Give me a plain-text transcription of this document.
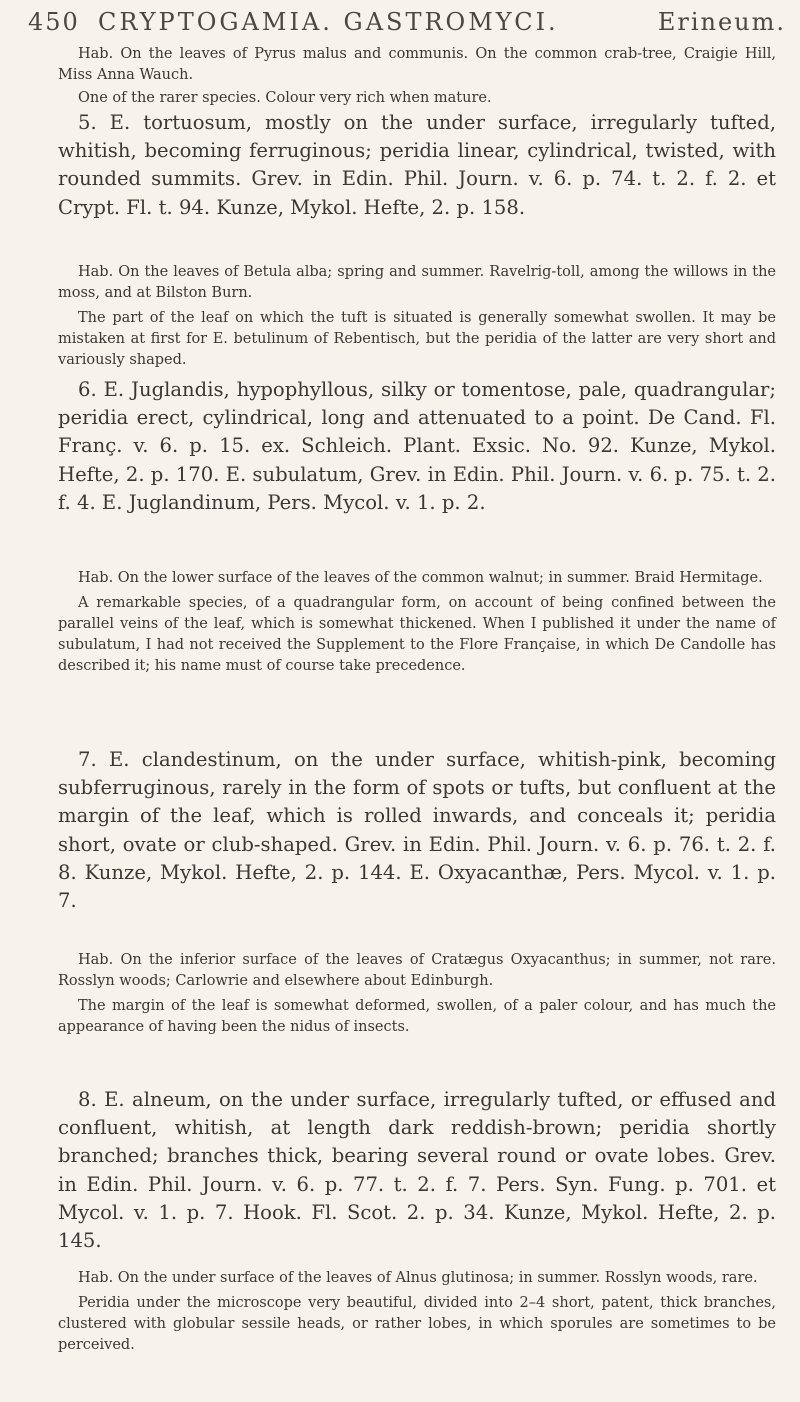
450 CRYPTOGAMIA. GASTROMYCI.	Erineum.

Hab. On the leaves of Pyrus malus and communis. On the common crab-tree, Craigie Hill, Miss Anna Wauch.

One of the rarer species. Colour very rich when mature.

5. E. tortuosum, mostly on the under surface, irregularly tufted, whitish, becoming ferruginous; peridia linear, cylindrical, twisted, with rounded summits. Grev. in Edin. Phil. Journ. v. 6. p. 74. t. 2. f. 2. et Crypt. Fl. t. 94. Kunze, Mykol. Hefte, 2. p. 158.

Hab. On the leaves of Betula alba; spring and summer. Ravelrig-toll, among the willows in the moss, and at Bilston Burn.

The part of the leaf on which the tuft is situated is generally somewhat swollen. It may be mistaken at first for E. betulinum of Rebentisch, but the peridia of the latter are very short and variously shaped.

6. E. Juglandis, hypophyllous, silky or tomentose, pale, quadrangular; peridia erect, cylindrical, long and attenuated to a point. De Cand. Fl. Franç. v. 6. p. 15. ex. Schleich. Plant. Exsic. No. 92. Kunze, Mykol. Hefte, 2. p. 170. E. subulatum, Grev. in Edin. Phil. Journ. v. 6. p. 75. t. 2. f. 4. E. Juglandinum, Pers. Mycol. v. 1. p. 2.

Hab. On the lower surface of the leaves of the common walnut; in summer. Braid Hermitage.

A remarkable species, of a quadrangular form, on account of being confined between the parallel veins of the leaf, which is somewhat thickened. When I published it under the name of subulatum, I had not received the Supplement to the Flore Française, in which De Candolle has described it; his name must of course take precedence.

7. E. clandestinum, on the under surface, whitish-pink, becoming subferruginous, rarely in the form of spots or tufts, but confluent at the margin of the leaf, which is rolled inwards, and conceals it; peridia short, ovate or club-shaped. Grev. in Edin. Phil. Journ. v. 6. p. 76. t. 2. f. 8. Kunze, Mykol. Hefte, 2. p. 144. E. Oxyacanthæ, Pers. Mycol. v. 1. p. 7.

Hab. On the inferior surface of the leaves of Cratægus Oxyacanthus; in summer, not rare. Rosslyn woods; Carlowrie and elsewhere about Edinburgh.

The margin of the leaf is somewhat deformed, swollen, of a paler colour, and has much the appearance of having been the nidus of insects.

8. E. alneum, on the under surface, irregularly tufted, or effused and confluent, whitish, at length dark reddish-brown; peridia shortly branched; branches thick, bearing several round or ovate lobes. Grev. in Edin. Phil. Journ. v. 6. p. 77. t. 2. f. 7. Pers. Syn. Fung. p. 701. et Mycol. v. 1. p. 7. Hook. Fl. Scot. 2. p. 34. Kunze, Mykol. Hefte, 2. p. 145.

Hab. On the under surface of the leaves of Alnus glutinosa; in summer. Rosslyn woods, rare.

Peridia under the microscope very beautiful, divided into 2–4 short, patent, thick branches, clustered with globular sessile heads, or rather lobes, in which sporules are sometimes to be perceived.
